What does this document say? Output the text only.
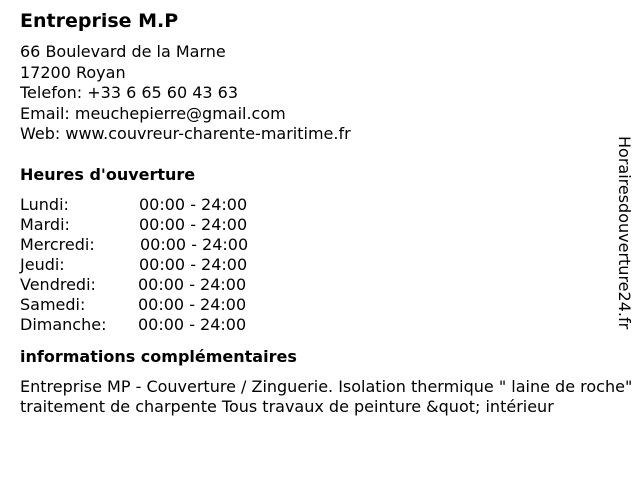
Entreprise M.P
66 Boulevard de la Marne
17200 Royan
Telefon: +33 6 65 60 43 63
Email: meuchepierre@gmail.com
Web: www.couvreur-charente-maritime.fr
Heures d'ouverture
Lundi:	00:00 - 24:00
Mardi:	00:00 - 24:00
Mercredi:	00:00 - 24:00
Jeudi:	00:00 - 24:00
Vendredi:	00:00 - 24:00
Samedi:	00:00 - 24:00
Dimanche: 00:00 - 24:00
informations complémentaires
Entreprise MP - Couverture / Zinguerie. Isolation thermique " laine de roche" traitement de charpente Tous travaux de peinture &quot; intérieur
Horairesdouverture24.fr
